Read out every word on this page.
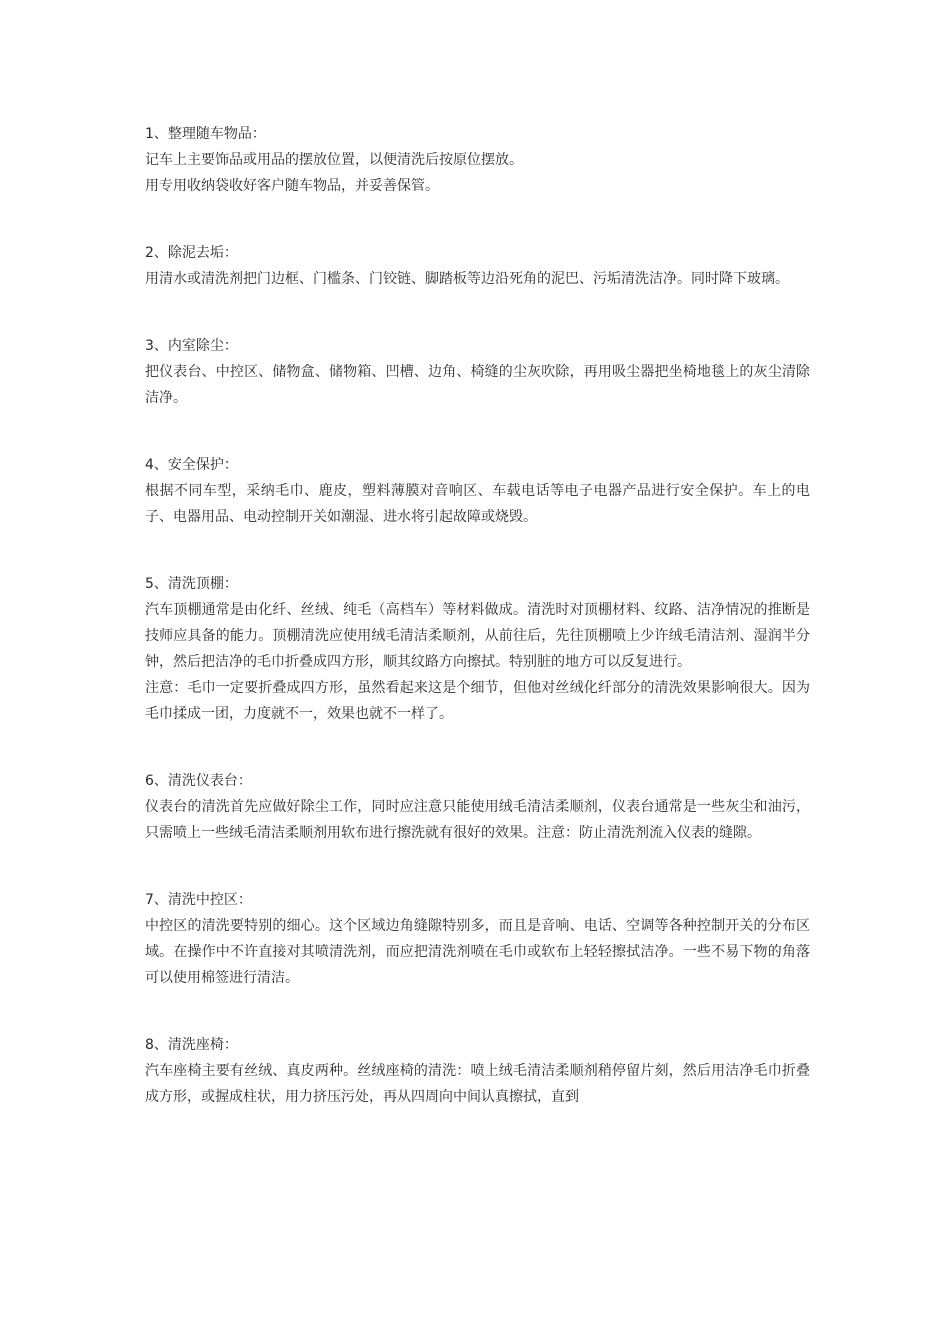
1、整理随车物品：

记车上主要饰品或用品的摆放位置，以便清洗后按原位摆放。

用专用收纳袋收好客户随车物品，并妥善保管。

2、除泥去垢：

用清水或清洗剂把门边框、门槛条、门铰链、脚踏板等边沿死角的泥巴、污垢清洗洁净。同时降下玻璃。

3、内室除尘：

把仪表台、中控区、储物盒、储物箱、凹槽、边角、椅缝的尘灰吹除，再用吸尘器把坐椅地毯上的灰尘清除洁净。

4、安全保护：

根据不同车型，采纳毛巾、鹿皮，塑料薄膜对音响区、车载电话等电子电器产品进行安全保护。车上的电子、电器用品、电动控制开关如潮湿、进水将引起故障或烧毁。

5、清洗顶棚：

汽车顶棚通常是由化纤、丝绒、纯毛（高档车）等材料做成。清洗时对顶棚材料、纹路、洁净情况的推断是技师应具备的能力。顶棚清洗应使用绒毛清洁柔顺剂，从前往后，先往顶棚喷上少许绒毛清洁剂、湿润半分钟，然后把洁净的毛巾折叠成四方形，顺其纹路方向擦拭。特别脏的地方可以反复进行。

注意：毛巾一定要折叠成四方形，虽然看起来这是个细节，但他对丝绒化纤部分的清洗效果影响很大。因为毛巾揉成一团，力度就不一，效果也就不一样了。

6、清洗仪表台：

仪表台的清洗首先应做好除尘工作，同时应注意只能使用绒毛清洁柔顺剂，仪表台通常是一些灰尘和油污，只需喷上一些绒毛清洁柔顺剂用软布进行擦洗就有很好的效果。注意：防止清洗剂流入仪表的缝隙。

7、清洗中控区：

中控区的清洗要特别的细心。这个区域边角缝隙特别多，而且是音响、电话、空调等各种控制开关的分布区域。在操作中不许直接对其喷清洗剂，而应把清洗剂喷在毛巾或软布上轻轻擦拭洁净。一些不易下物的角落可以使用棉签进行清洁。

8、清洗座椅：

汽车座椅主要有丝绒、真皮两种。丝绒座椅的清洗：喷上绒毛清洁柔顺剂稍停留片刻，然后用洁净毛巾折叠成方形，或握成柱状，用力挤压污处，再从四周向中间认真擦拭，直到
